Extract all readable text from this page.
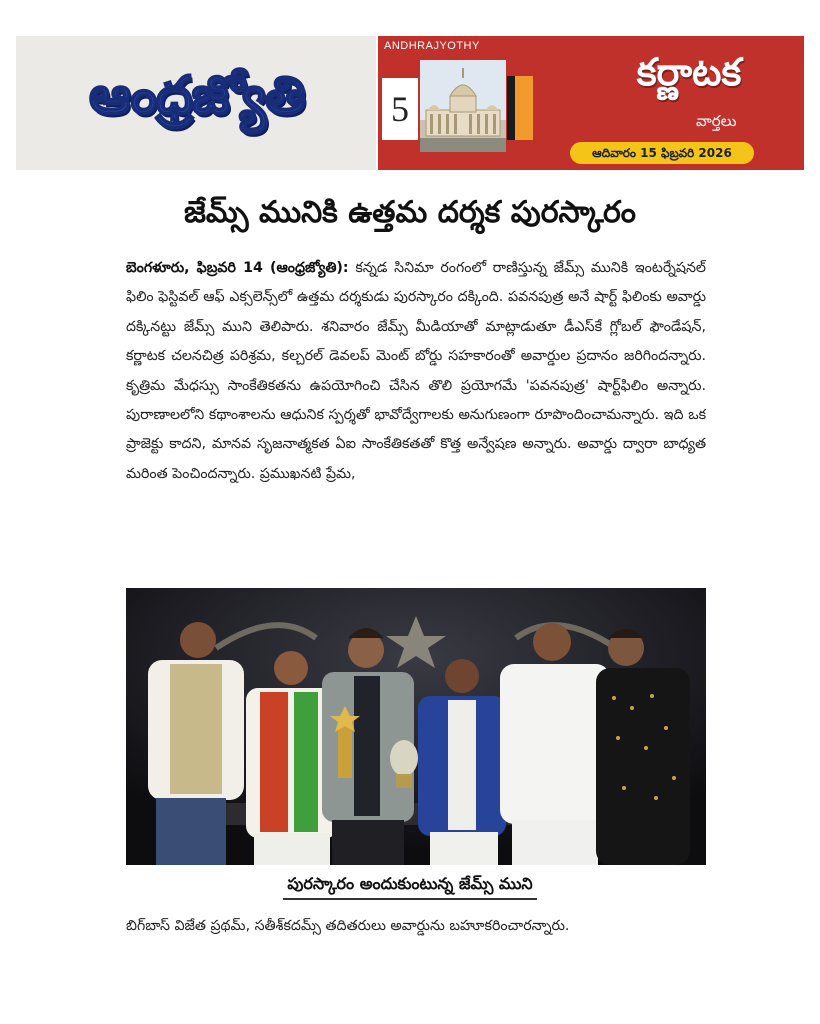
ఆంధ్రజ్యోతి
ANDHRAJYOTHY
5
కర్ణాటక
వార్తలు
ఆదివారం 15 ఫిబ్రవరి 2026
జేమ్స్ మునికి ఉత్తమ దర్శక పురస్కారం
బెంగళూరు, ఫిబ్రవరి 14 (ఆంధ్రజ్యోతి): కన్నడ సినిమా రంగంలో రాణిస్తున్న జేమ్స్ మునికి ఇంటర్నేషనల్ ఫిలిం ఫెస్టివల్ ఆఫ్ ఎక్సలెన్స్‌లో ఉత్తమ దర్శకుడు పురస్కారం దక్కింది. పవనపుత్ర అనే షార్ట్ ఫిలింకు అవార్డు దక్కినట్టు జేమ్స్ ముని తెలిపారు. శనివారం జేమ్స్ మీడియాతో మాట్లాడుతూ డీఎస్‌కే గ్లోబల్ ఫౌండేషన్, కర్ణాటక చలనచిత్ర పరిశ్రమ, కల్చరల్ డెవలప్ మెంట్ బోర్డు సహకారంతో అవార్డుల ప్రదానం జరిగిందన్నారు. కృత్రిమ మేధస్సు సాంకేతికతను ఉపయోగించి చేసిన తొలి ప్రయోగమే 'పవనపుత్ర' షార్ట్‌ఫిలిం అన్నారు. పురాణాలలోని కథాంశాలను ఆధునిక స్పర్శతో భావోద్వేగాలకు అనుగుణంగా రూపొందించామన్నారు. ఇది ఒక ప్రాజెక్టు కాదని, మానవ సృజనాత్మకత ఏఐ సాంకేతికతతో కొత్త అన్వేషణ అన్నారు. అవార్డు ద్వారా బాధ్యత మరింత పెంచిందన్నారు. ప్రముఖనటి ప్రేమ,
పురస్కారం అందుకుంటున్న జేమ్స్ ముని
బిగ్‌బాస్ విజేత ప్రథమ్, సతీశ్‌కదమ్స్ తదితరులు అవార్డును బహూకరించారన్నారు.
